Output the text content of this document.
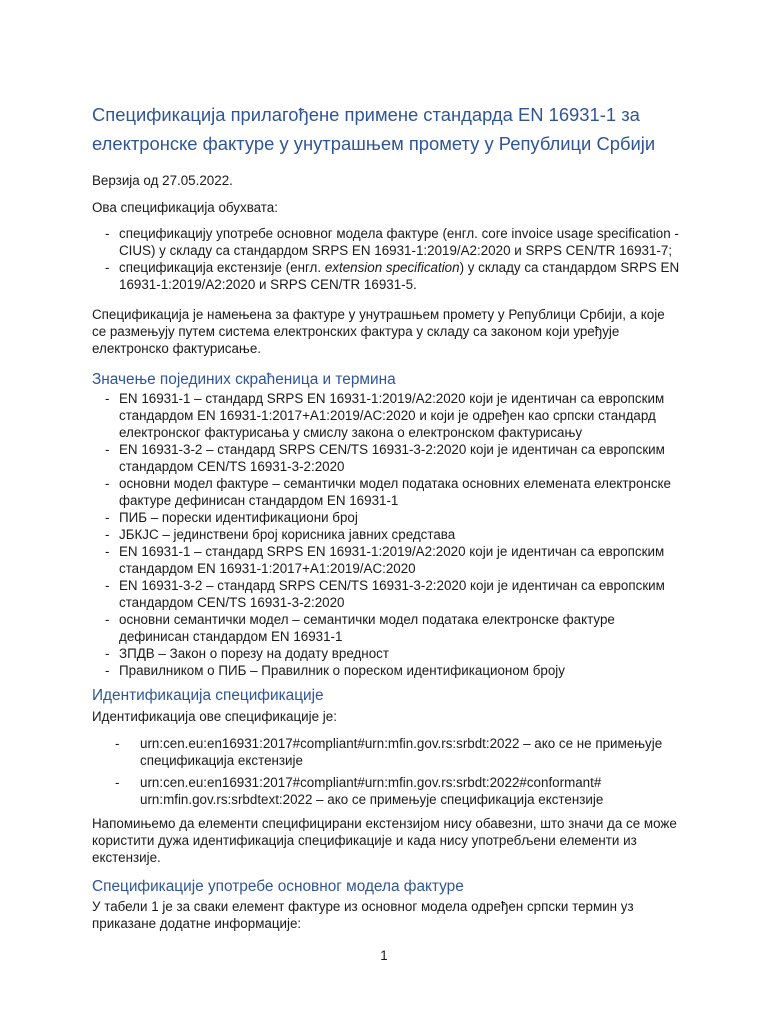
Спецификација прилагођене примене стандарда EN 16931-1 за електронске фактуре у унутрашњем промету у Републици Србији

Верзија од 27.05.2022.

Ова спецификација обухвата:

- спецификацију употребе основног модела фактуре (енгл. core invoice usage specification - CIUS) у складу са стандардом SRPS EN 16931-1:2019/A2:2020 и SRPS CEN/TR 16931-7;
- спецификација екстензије (енгл. extension specification) у складу са стандардом SRPS EN 16931-1:2019/A2:2020 и SRPS CEN/TR 16931-5.

Спецификација је намењена за фактуре у унутрашњем промету у Републици Србији, а које се размењују путем система електронских фактура у складу са законом који уређује електронско фактурисање.

Значење појединих скраћеница и термина
- EN 16931-1 – стандард SRPS EN 16931-1:2019/A2:2020 који је идентичан са европским стандардом EN 16931-1:2017+A1:2019/AC:2020 и који је одређен као српски стандард електронског фактурисања у смислу закона о електронском фактурисању
- EN 16931-3-2 – стандард SRPS CEN/TS 16931-3-2:2020 који је идентичан са европским стандардом CEN/TS 16931-3-2:2020
- основни модел фактуре – семантички модел података основних елемената електронске фактуре дефинисан стандардом EN 16931-1
- ПИБ – порески идентификациони број
- ЈБКЈС – јединствени број корисника јавних средстава
- EN 16931-1 – стандард SRPS EN 16931-1:2019/A2:2020 који је идентичан са европским стандардом EN 16931-1:2017+A1:2019/AC:2020
- EN 16931-3-2 – стандард SRPS CEN/TS 16931-3-2:2020 који је идентичан са европским стандардом CEN/TS 16931-3-2:2020
- основни семантички модел – семантички модел података електронске фактуре дефинисан стандардом EN 16931-1
- ЗПДВ – Закон о порезу на додату вредност
- Правилником о ПИБ – Правилник о пореском идентификационом броју
Идентификација спецификације

Идентификација ове спецификације је:

- urn:cen.eu:en16931:2017#compliant#urn:mfin.gov.rs:srbdt:2022 – ако се не примењује спецификација екстензије
- urn:cen.eu:en16931:2017#compliant#urn:mfin.gov.rs:srbdt:2022#conformant# urn:mfin.gov.rs:srbdtext:2022 – ако се примењује спецификација екстензије

Напомињемо да елементи специфицирани екстензијом нису обавезни, што значи да се може користити дужа идентификација спецификације и када нису употребљени елементи из екстензије.

Спецификације употребе основног модела фактуре

У табели 1 је за сваки елемент фактуре из основног модела одређен српски термин уз приказане додатне информације:

1
